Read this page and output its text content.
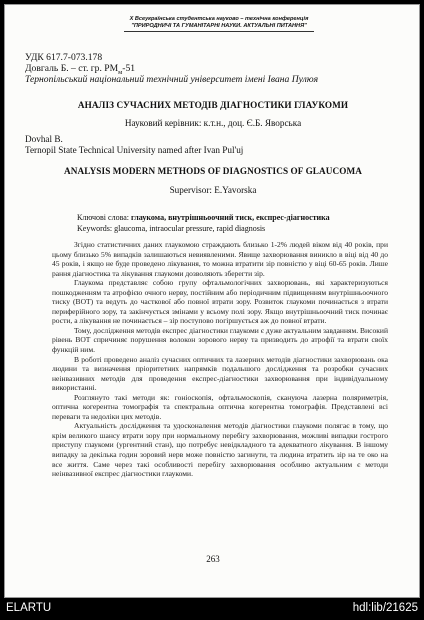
X Всеукраїнська студентська науково – технічна конференція
"ПРИРОДНИЧІ ТА ГУМАНІТАРНІ НАУКИ. АКТУАЛЬНІ ПИТАННЯ"
УДК 617.7-073.178
Довгаль Б. – ст. гр. $РМ_м-51$
Тернопільський національний технічний університет імені Івана Пулюя
АНАЛІЗ СУЧАСНИХ МЕТОДІВ ДІАГНОСТИКИ ГЛАУКОМИ
Науковий керівник: к.т.н., доц. Є.Б. Яворська
Dovhal B.
Ternopil State Technical University named after Ivan Pul'uj
ANALYSIS MODERN METHODS OF DIAGNOSTICS OF GLAUCOMA
Supervisor: E.Yavorska
Ключові слова: глаукома, внутрішньоочний тиск, експрес-діагностика
Keywords: glaucoma, intraocular pressure, rapid diagnosis

Згідно статистичних даних глаукомою страждають близько 1-2% людей віком від 40 років, при цьому близько 5% випадків залишаються невиявленими. Явище захворювання виникло в віці від 40 до 45 років, і якщо не буде проведено лікування, то можна втратити зір повністю у віці 60-65 років. Лише рання діагностика та лікування глаукоми дозволяють зберегти зір.

Глаукома представляє собою групу офтальмологічних захворювань, які характеризуються пошкодженням та атрофією очного нерву, постійним або періодичним підвищенням внутрішньоочного тиску (ВОТ) та ведуть до часткової або повної втрати зору. Розвиток глаукоми починається з втрати периферійного зору, та закінчується змінами у всьому полі зору. Якщо внутрішньоочний тиск починає рости, а лікування не починається – зір поступово погіршується аж до повної втрати.

Тому, дослідження методів експрес діагностики глаукоми є дуже актуальним завданням. Високий рівень ВОТ спричиняє порушення волокон зорового нерву та призводить до атрофії та втрати своїх функцій ним.

В роботі проведено аналіз сучасних оптичних та лазерних методів діагностики захворювань ока людини та визначення пріоритетних напрямків подальшого дослідження та розробки сучасних неінвазивних методів для проведення експрес-діагностики захворювання при індивідуальному використанні.

Розглянуто такі методи як: гоніоскопія, офтальмоскопія, скануюча лазерна поляриметрія, оптична когерентна томографія та спектральна оптична когерентна томографія. Представлені всі переваги та недоліки цих методів.

Актуальність дослідження та удосконалення методів діагностики глаукоми полягає в тому, що крім великого шансу втрати зору при нормальному перебігу захворювання, можливі випадки гострого приступу глаукоми (ургентний стан), що потребує невідкладного та адекватного лікування. В іншому випадку за декілька годин зоровий нерв може повністю загинути, та людина втратить зір на те око на все життя. Саме через такі особливості перебігу захворювання особливо актуальним є методи неінвазивної експрес діагностики глаукоми.

263
ELARTU	hdl:lib/21625
